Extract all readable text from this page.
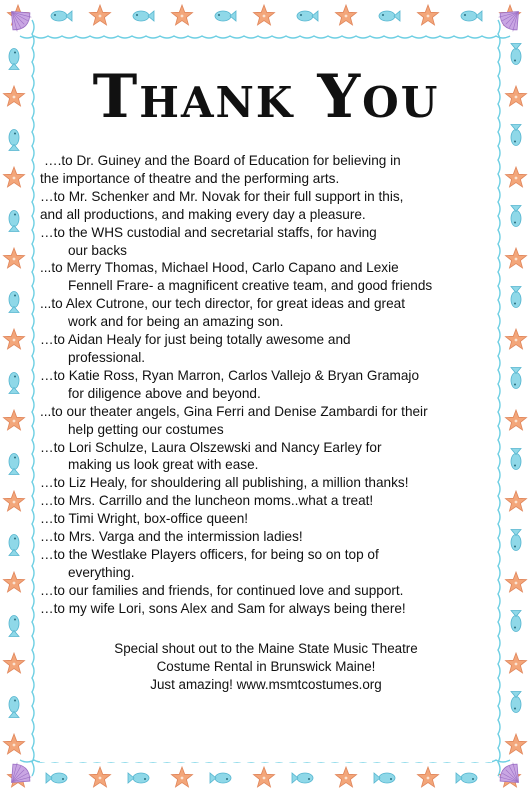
Thank You
….to Dr. Guiney and the Board of Education for believing in
the importance of theatre and the performing arts.
…to Mr. Schenker and Mr. Novak for their full support in this,
and all productions, and making every day a pleasure.
…to the WHS custodial and secretarial staffs, for having
our backs
...to Merry Thomas, Michael Hood, Carlo Capano and Lexie
Fennell Frare- a magnificent creative team, and good friends
...to Alex Cutrone, our tech director, for great ideas and great
work and for being an amazing son.
…to Aidan Healy for just being totally awesome and
professional.
…to Katie Ross, Ryan Marron, Carlos Vallejo & Bryan Gramajo
for diligence above and beyond.
...to our theater angels, Gina Ferri and Denise Zambardi for their
help getting our costumes
…to Lori Schulze, Laura Olszewski and Nancy Earley for
making us look great with ease.
…to Liz Healy, for shouldering all publishing, a million thanks!
…to Mrs. Carrillo and the luncheon moms..what a treat!
…to Timi Wright, box-office queen!
…to Mrs. Varga and the intermission ladies!
…to the Westlake Players officers, for being so on top of
everything.
…to our families and friends, for continued love and support.
…to my wife Lori, sons Alex and Sam for always being there!
Special shout out to the Maine State Music Theatre
Costume Rental in Brunswick Maine!
Just amazing! www.msmtcostumes.org
